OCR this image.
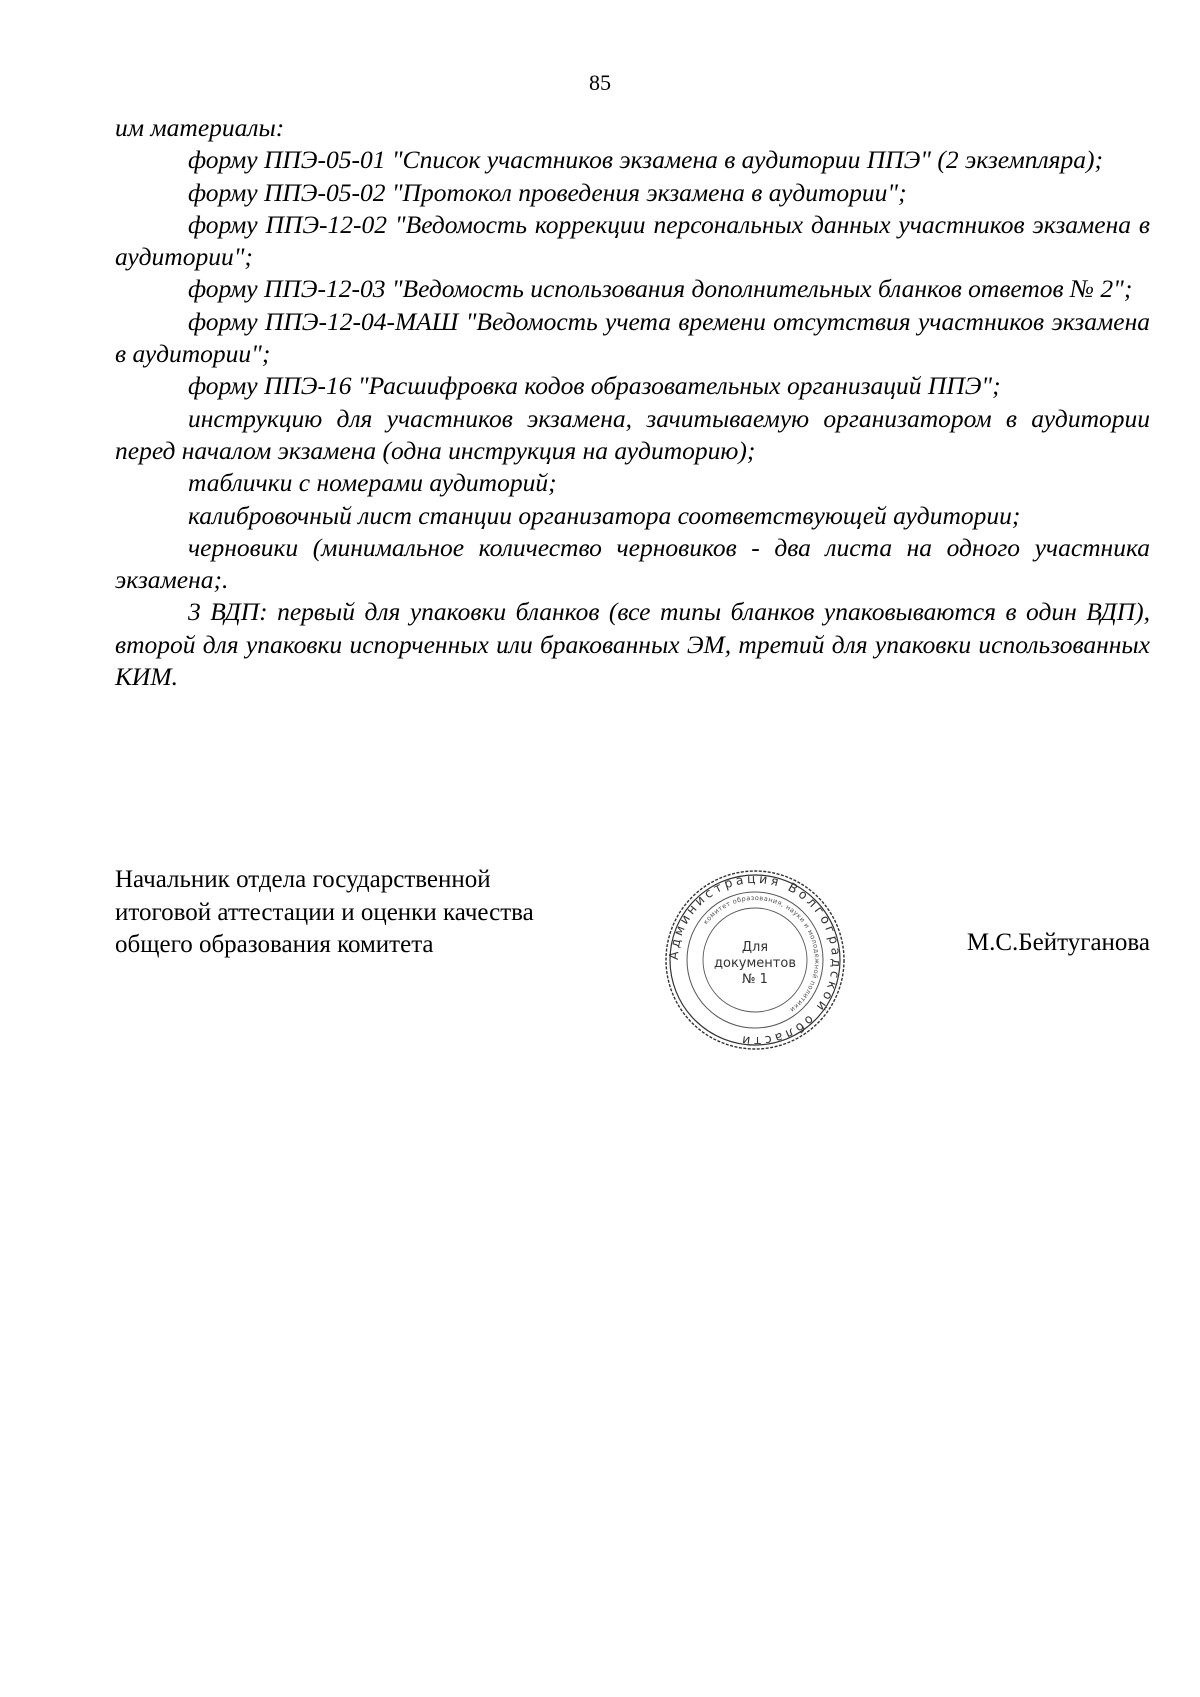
85

им материалы:

форму ППЭ-05-01 "Список участников экзамена в аудитории ППЭ" (2 экземпляра);

форму ППЭ-05-02 "Протокол проведения экзамена в аудитории";

форму ППЭ-12-02 "Ведомость коррекции персональных данных участников экзамена в аудитории";

форму ППЭ-12-03 "Ведомость использования дополнительных бланков ответов № 2";

форму ППЭ-12-04-МАШ "Ведомость учета времени отсутствия участников экзамена в аудитории";

форму ППЭ-16 "Расшифровка кодов образовательных организаций ППЭ";

инструкцию для участников экзамена, зачитываемую организатором в аудитории перед началом экзамена (одна инструкция на аудиторию);

таблички с номерами аудиторий;

калибровочный лист станции организатора соответствующей аудитории;

черновики (минимальное количество черновиков - два листа на одного участника экзамена;.

3 ВДП: первый для упаковки бланков (все типы бланков упаковываются в один ВДП), второй для упаковки испорченных или бракованных ЭМ, третий для упаковки использованных КИМ.

Начальник отдела государственной
итоговой аттестации и оценки качества
общего образования комитета	Администрация Волгоградской области
комитет образования, науки и молодежной политики
Для
документов
№ 1
М.С.Бейтуганова
